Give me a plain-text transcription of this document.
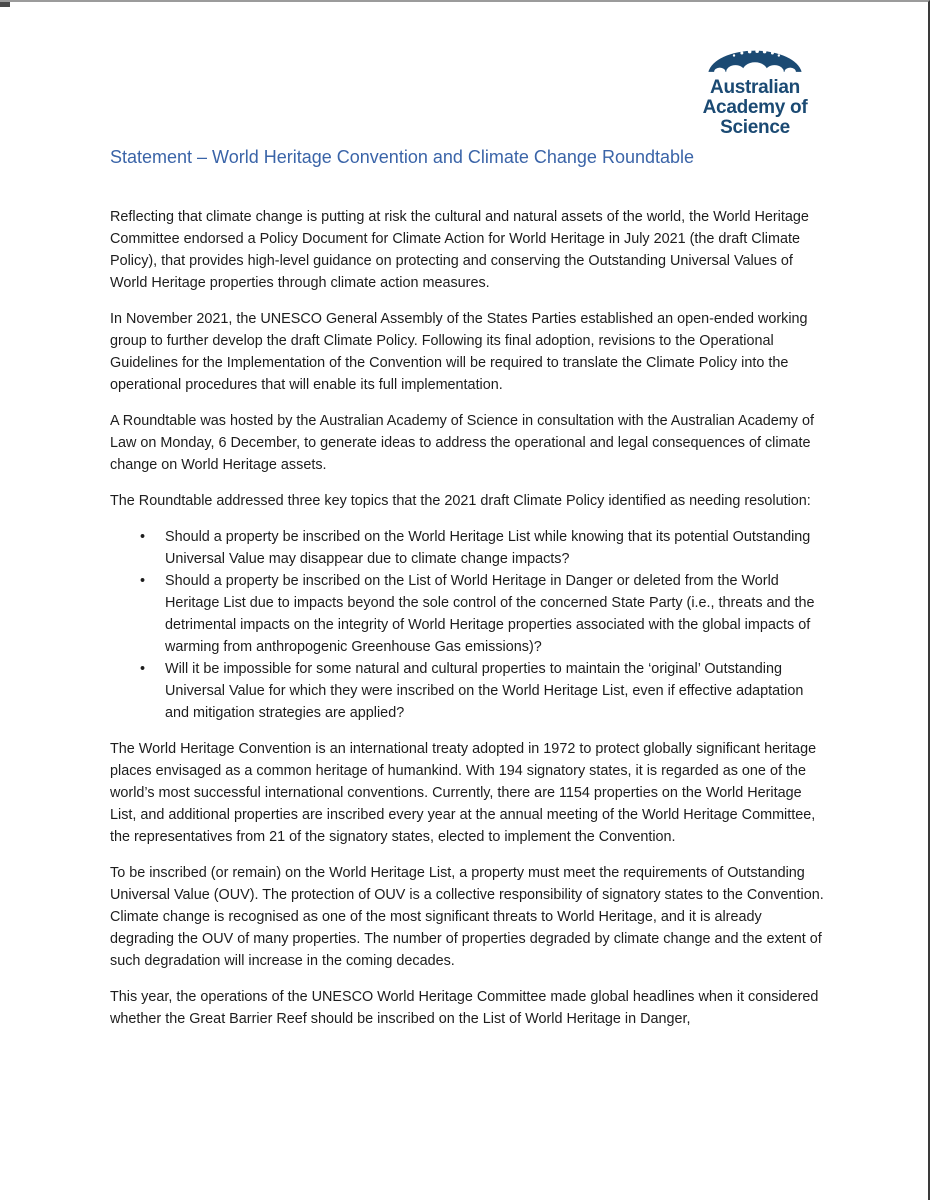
Australian
Academy of
Science
Statement – World Heritage Convention and Climate Change Roundtable

Reflecting that climate change is putting at risk the cultural and natural assets of the world, the World Heritage Committee endorsed a Policy Document for Climate Action for World Heritage in July 2021 (the draft Climate Policy), that provides high-level guidance on protecting and conserving the Outstanding Universal Values of World Heritage properties through climate action measures.

In November 2021, the UNESCO General Assembly of the States Parties established an open-ended working group to further develop the draft Climate Policy. Following its final adoption, revisions to the Operational Guidelines for the Implementation of the Convention will be required to translate the Climate Policy into the operational procedures that will enable its full implementation.

A Roundtable was hosted by the Australian Academy of Science in consultation with the Australian Academy of Law on Monday, 6 December, to generate ideas to address the operational and legal consequences of climate change on World Heritage assets.

The Roundtable addressed three key topics that the 2021 draft Climate Policy identified as needing resolution:

•	Should a property be inscribed on the World Heritage List while knowing that its potential Outstanding Universal Value may disappear due to climate change impacts?
•	Should a property be inscribed on the List of World Heritage in Danger or deleted from the World Heritage List due to impacts beyond the sole control of the concerned State Party (i.e., threats and the detrimental impacts on the integrity of World Heritage properties associated with the global impacts of warming from anthropogenic Greenhouse Gas emissions)?
•	Will it be impossible for some natural and cultural properties to maintain the ‘original’ Outstanding Universal Value for which they were inscribed on the World Heritage List, even if effective adaptation and mitigation strategies are applied?

The World Heritage Convention is an international treaty adopted in 1972 to protect globally significant heritage places envisaged as a common heritage of humankind. With 194 signatory states, it is regarded as one of the world’s most successful international conventions. Currently, there are 1154 properties on the World Heritage List, and additional properties are inscribed every year at the annual meeting of the World Heritage Committee, the representatives from 21 of the signatory states, elected to implement the Convention.

To be inscribed (or remain) on the World Heritage List, a property must meet the requirements of Outstanding Universal Value (OUV). The protection of OUV is a collective responsibility of signatory states to the Convention. Climate change is recognised as one of the most significant threats to World Heritage, and it is already degrading the OUV of many properties. The number of properties degraded by climate change and the extent of such degradation will increase in the coming decades.

This year, the operations of the UNESCO World Heritage Committee made global headlines when it considered whether the Great Barrier Reef should be inscribed on the List of World Heritage in Danger,
